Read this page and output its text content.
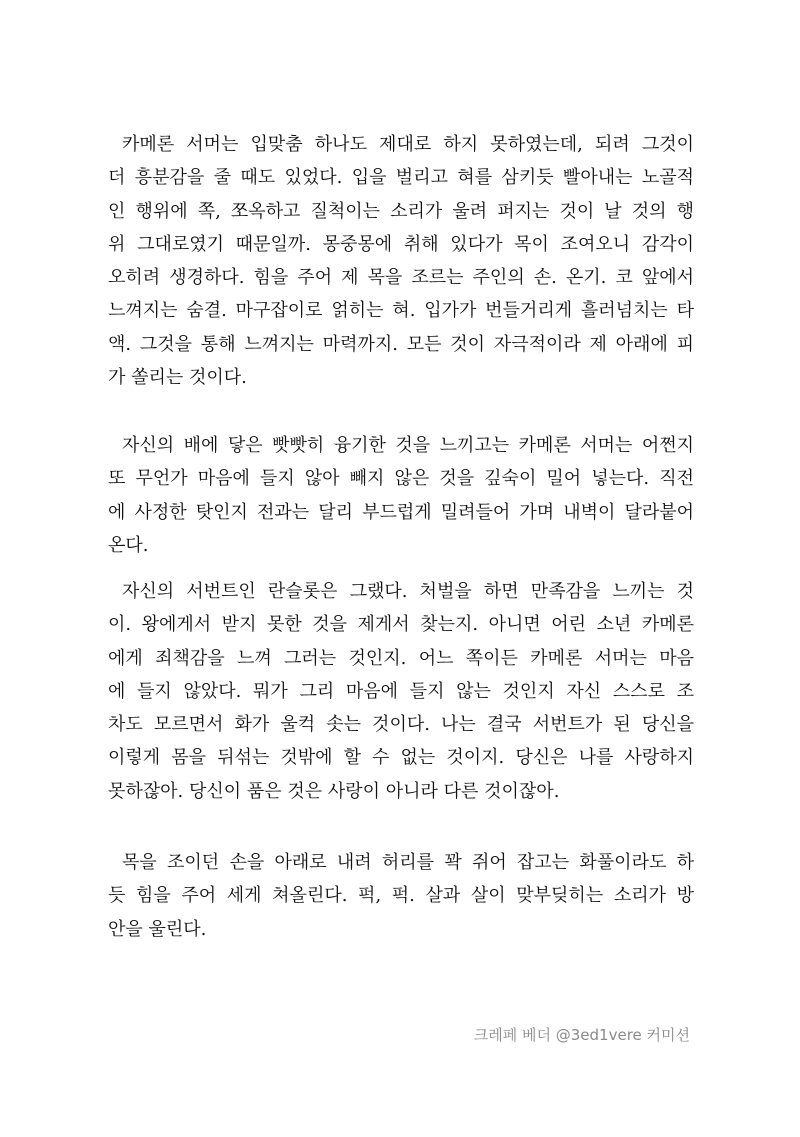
카메론 서머는 입맞춤 하나도 제대로 하지 못하였는데, 되려 그것이
더 흥분감을 줄 때도 있었다. 입을 벌리고 혀를 삼키듯 빨아내는 노골적
인 행위에 쪽, 쪼옥하고 질척이는 소리가 울려 퍼지는 것이 날 것의 행
위 그대로였기 때문일까. 몽중몽에 취해 있다가 목이 조여오니 감각이
오히려 생경하다. 힘을 주어 제 목을 조르는 주인의 손. 온기. 코 앞에서
느껴지는 숨결. 마구잡이로 얽히는 혀. 입가가 번들거리게 흘러넘치는 타
액. 그것을 통해 느껴지는 마력까지. 모든 것이 자극적이라 제 아래에 피
가 쏠리는 것이다.
자신의 배에 닿은 빳빳히 융기한 것을 느끼고는 카메론 서머는 어쩐지
또 무언가 마음에 들지 않아 빼지 않은 것을 깊숙이 밀어 넣는다. 직전
에 사정한 탓인지 전과는 달리 부드럽게 밀려들어 가며 내벽이 달라붙어
온다.
자신의 서번트인 란슬롯은 그랬다. 처벌을 하면 만족감을 느끼는 것
이. 왕에게서 받지 못한 것을 제게서 찾는지. 아니면 어린 소년 카메론
에게 죄책감을 느껴 그러는 것인지. 어느 쪽이든 카메론 서머는 마음
에 들지 않았다. 뭐가 그리 마음에 들지 않는 것인지 자신 스스로 조
차도 모르면서 화가 울컥 솟는 것이다. 나는 결국 서번트가 된 당신을
이렇게 몸을 뒤섞는 것밖에 할 수 없는 것이지. 당신은 나를 사랑하지
못하잖아. 당신이 품은 것은 사랑이 아니라 다른 것이잖아.
목을 조이던 손을 아래로 내려 허리를 꽉 쥐어 잡고는 화풀이라도 하
듯 힘을 주어 세게 쳐올린다. 퍽, 퍽. 살과 살이 맞부딪히는 소리가 방
안을 울린다.
크레페 베더 @3ed1vere 커미션
